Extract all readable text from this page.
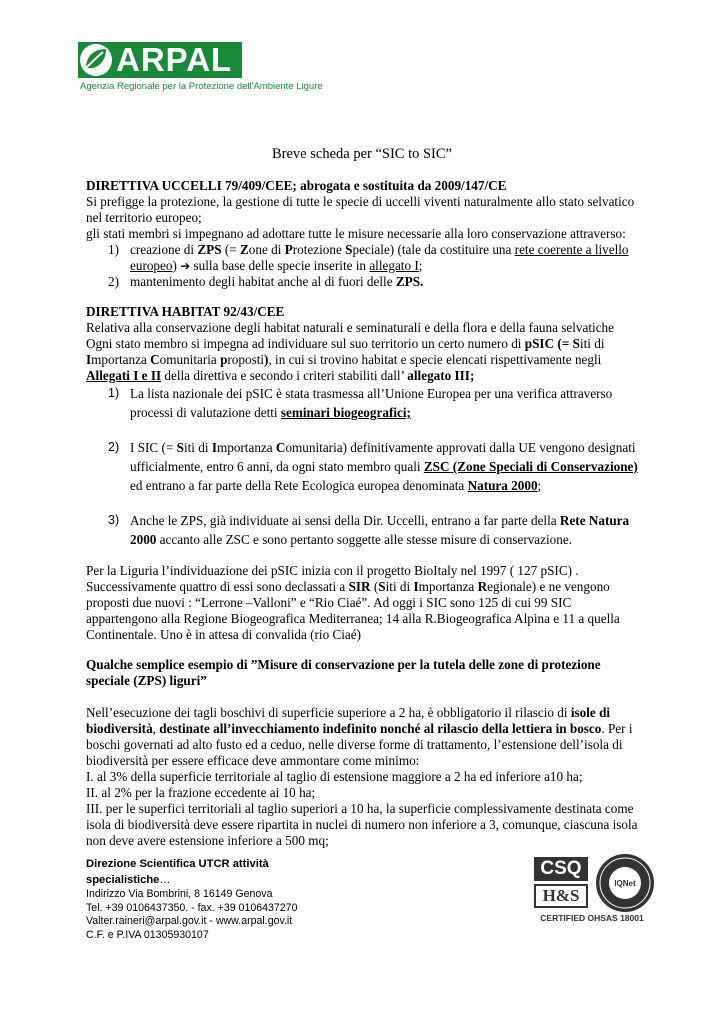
ARPAL
Agenzia Regionale per la Protezione dell'Ambiente Ligure
Breve scheda per “SIC to SIC”

DIRETTIVA UCCELLI 79/409/CEE; abrogata e sostituita da 2009/147/CE

Si prefigge la protezione, la gestione di tutte le specie di uccelli viventi naturalmente allo stato selvatico nel territorio europeo;

gli stati membri si impegnano ad adottare tutte le misure necessarie alla loro conservazione attraverso:

1) creazione di ZPS (= Zone di Protezione Speciale) (tale da costituire una rete coerente a livello europeo) ➔ sulla base delle specie inserite in allegato I;
2) mantenimento degli habitat anche al di fuori delle ZPS.

DIRETTIVA HABITAT 92/43/CEE

Relativa alla conservazione degli habitat naturali e seminaturali e della flora e della fauna selvatiche

Ogni stato membro si impegna ad individuare sul suo territorio un certo numero di pSIC (= Siti di
Importanza Comunitaria proposti), in cui si trovino habitat e specie elencati rispettivamente negli
Allegati I e II della direttiva e secondo i criteri stabiliti dall’ allegato III;

1) La lista nazionale dei pSIC è stata trasmessa all’Unione Europea per una verifica attraverso processi di valutazione detti seminari biogeografici;
2) I SIC (= Siti di Importanza Comunitaria) definitivamente approvati dalla UE vengono designati ufficialmente, entro 6 anni, da ogni stato membro quali ZSC (Zone Speciali di Conservazione) ed entrano a far parte della Rete Ecologica europea denominata Natura 2000;
3) Anche le ZPS, già individuate ai sensi della Dir. Uccelli, entrano a far parte della Rete Natura 2000 accanto alle ZSC e sono pertanto soggette alle stesse misure di conservazione.

Per la Liguria l’individuazione dei pSIC inizia con il progetto BioItaly nel 1997 ( 127 pSIC) . Successivamente quattro di essi sono declassati a SIR (Siti di Importanza Regionale) e ne vengono proposti due nuovi : “Lerrone –Valloni” e “Rio Ciaé”. Ad oggi i SIC sono 125 di cui 99 SIC appartengono alla Regione Biogeografica Mediterranea; 14 alla R.Biogeografica Alpina e 11 a quella Continentale. Uno è in attesa di convalida (rio Ciaé)

Qualche semplice esempio di ”Misure di conservazione per la tutela delle zone di protezione speciale (ZPS) liguri”

Nell’esecuzione dei tagli boschivi di superficie superiore a 2 ha, è obbligatorio il rilascio di isole di biodiversità, destinate all’invecchiamento indefinito nonché al rilascio della lettiera in bosco. Per i boschi governati ad alto fusto ed a ceduo, nelle diverse forme di trattamento, l’estensione dell’isola di biodiversità per essere efficace deve ammontare come minimo:

I. al 3% della superficie territoriale al taglio di estensione maggiore a 2 ha ed inferiore a10 ha;

II. al 2% per la frazione eccedente ai 10 ha;

III. per le superfici territoriali al taglio superiori a 10 ha, la superficie complessivamente destinata come isola di biodiversità deve essere ripartita in nuclei di numero non inferiore a 3, comunque, ciascuna isola non deve avere estensione inferiore a 500 mq;

Direzione Scientifica UTCR attività specialistiche…
Indirizzo Via Bombrini, 8 16149 Genova
Tel. +39 0106437350. - fax. +39 0106437270
Valter.raineri@arpal.gov.it - www.arpal.gov.it
C.F. e P.IVA 01305930107
CSQ
H&S
IQNet
CERTIFIED OHSAS 18001
